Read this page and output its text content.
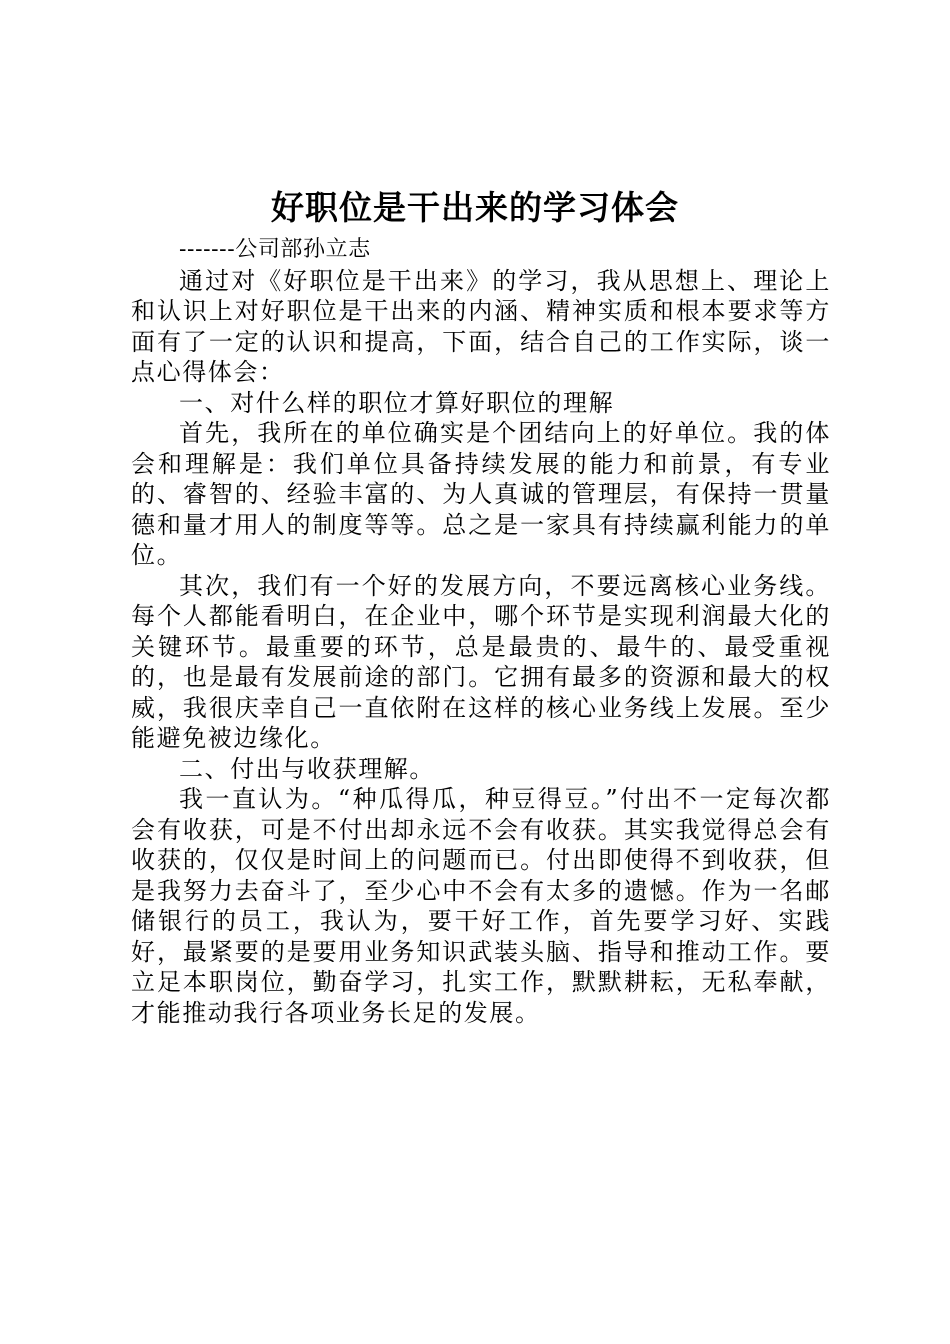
好职位是干出来的学习体会

-------公司部孙立志

通过对《好职位是干出来》的学习，我从思想上、理论上和认识上对好职位是干出来的内涵、精神实质和根本要求等方面有了一定的认识和提高，下面，结合自己的工作实际，谈一点心得体会：

一、对什么样的职位才算好职位的理解

首先，我所在的单位确实是个团结向上的好单位。我的体会和理解是：我们单位具备持续发展的能力和前景，有专业的、睿智的、经验丰富的、为人真诚的管理层，有保持一贯量德和量才用人的制度等等。总之是一家具有持续赢利能力的单位。

其次，我们有一个好的发展方向，不要远离核心业务线。每个人都能看明白，在企业中，哪个环节是实现利润最大化的关键环节。最重要的环节，总是最贵的、最牛的、最受重视的，也是最有发展前途的部门。它拥有最多的资源和最大的权威，我很庆幸自己一直依附在这样的核心业务线上发展。至少能避免被边缘化。

二、付出与收获理解。

我一直认为。“种瓜得瓜，种豆得豆。”付出不一定每次都会有收获，可是不付出却永远不会有收获。其实我觉得总会有收获的，仅仅是时间上的问题而已。付出即使得不到收获，但是我努力去奋斗了，至少心中不会有太多的遗憾。作为一名邮储银行的员工，我认为，要干好工作，首先要学习好、实践好，最紧要的是要用业务知识武装头脑、指导和推动工作。要立足本职岗位，勤奋学习，扎实工作，默默耕耘，无私奉献，才能推动我行各项业务长足的发展。
